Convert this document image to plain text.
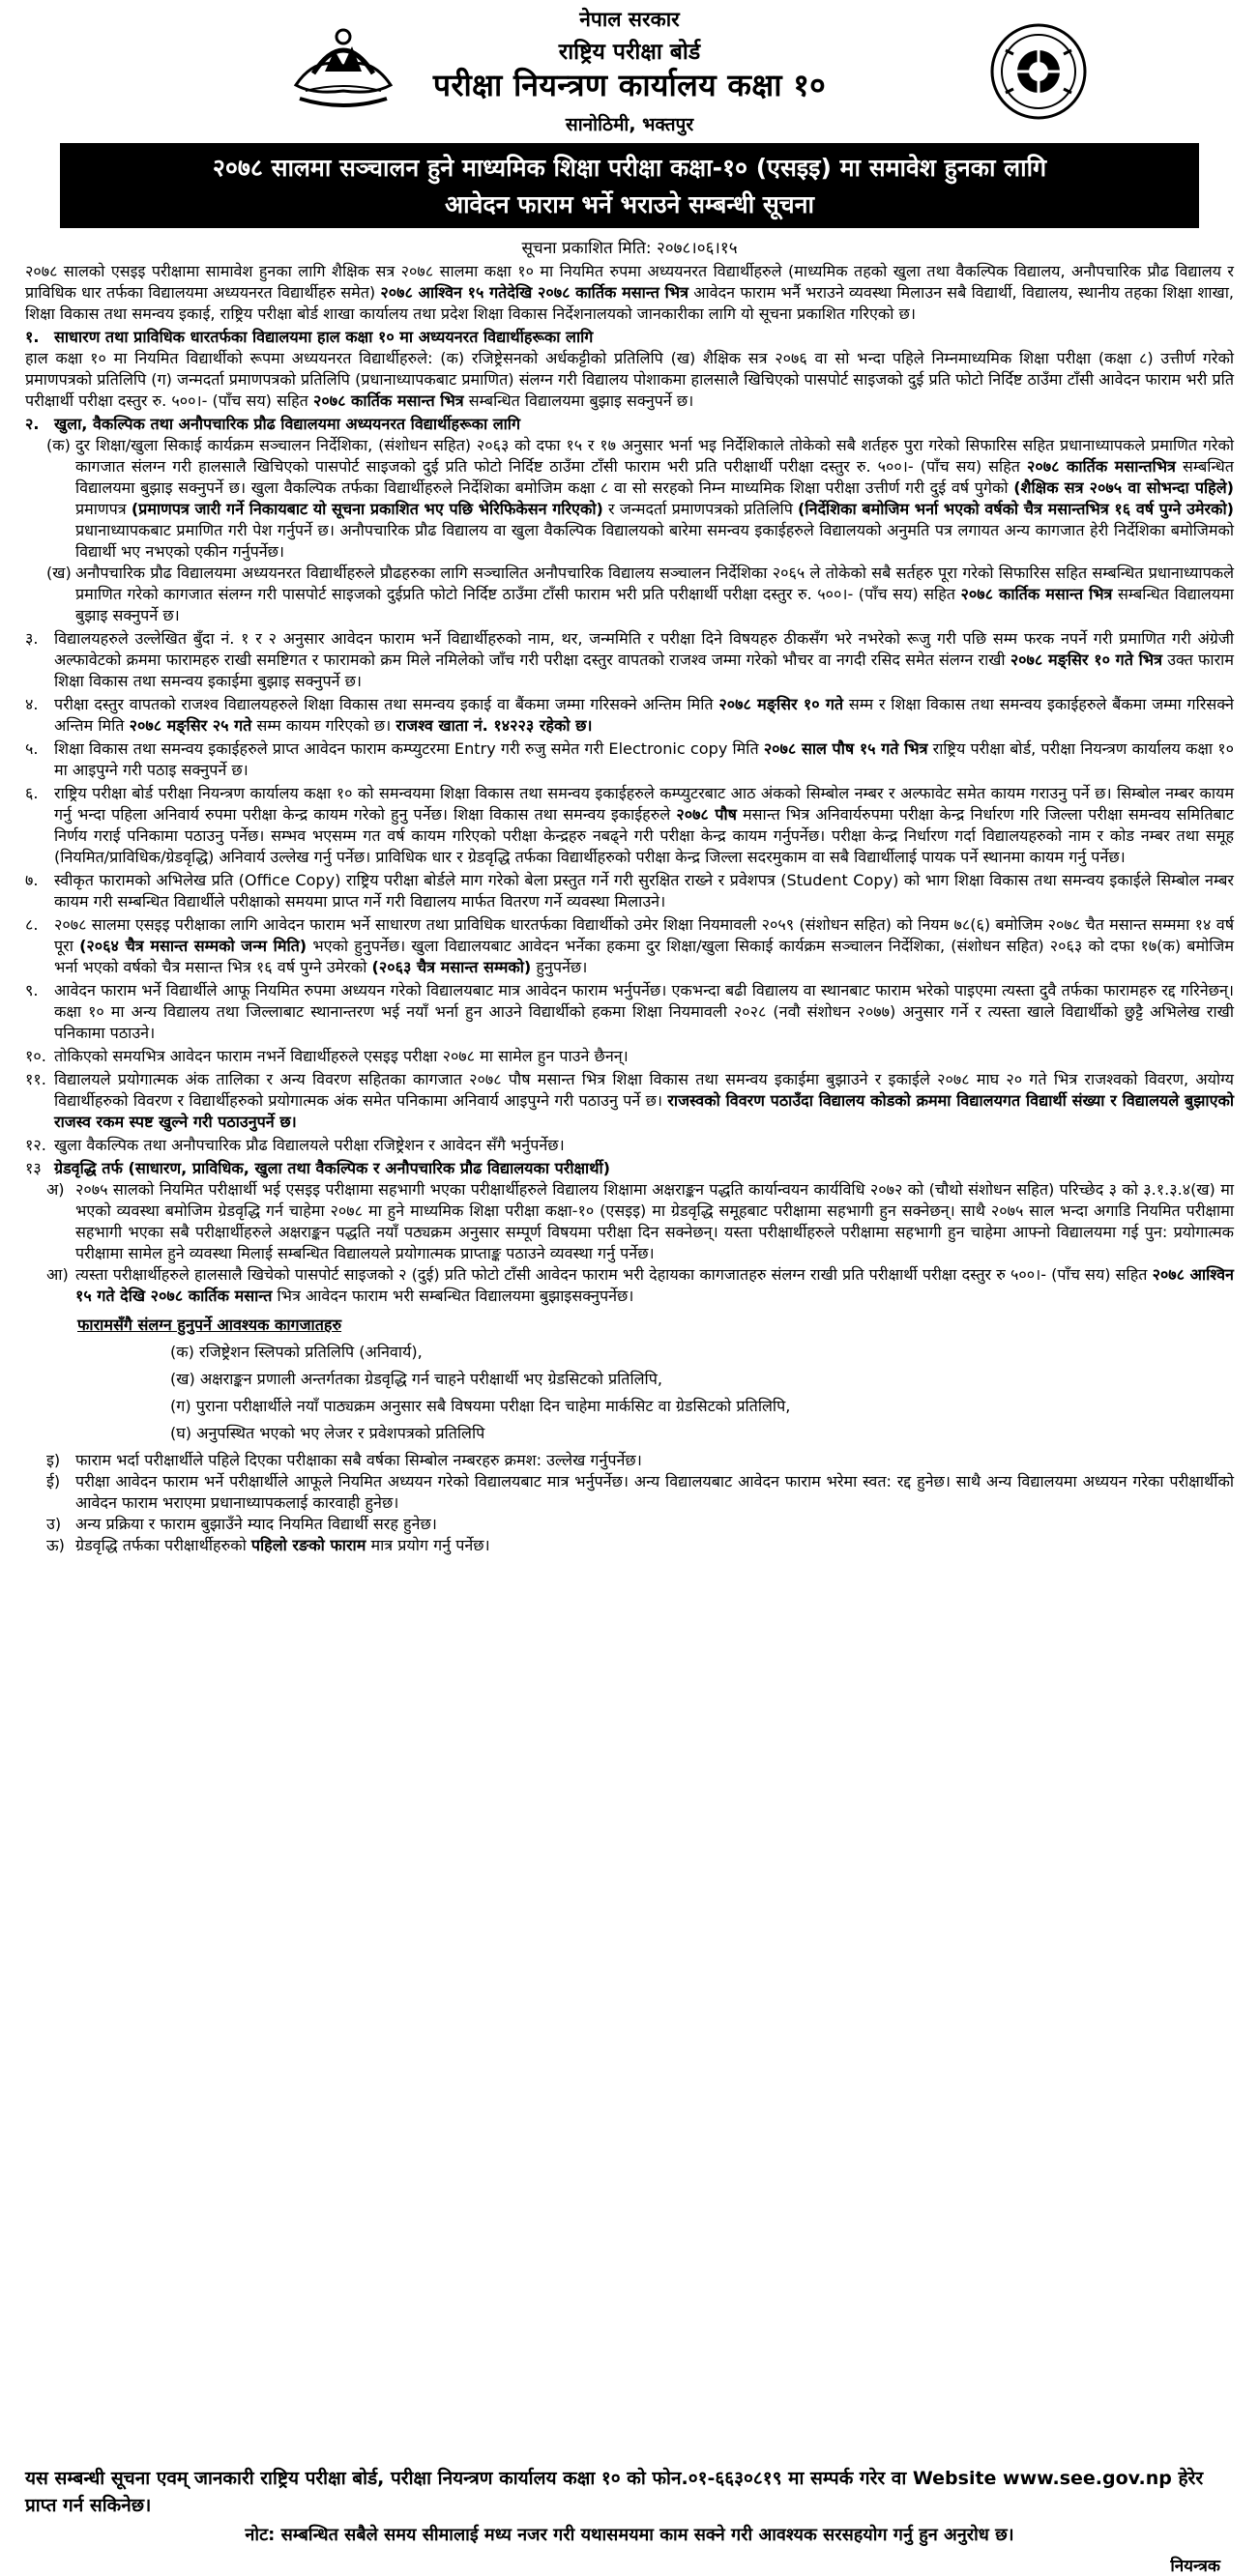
नेपाल सरकार
राष्ट्रिय परीक्षा बोर्ड
परीक्षा नियन्त्रण कार्यालय कक्षा १०
सानोठिमी, भक्तपुर
२०७८ सालमा सञ्चालन हुने माध्यमिक शिक्षा परीक्षा कक्षा-१० (एसइइ) मा समावेश हुनका लागि
आवेदन फाराम भर्ने भराउने सम्बन्धी सूचना
सूचना प्रकाशित मिति: २०७८।०६।१५

२०७८ सालको एसइइ परीक्षामा सामावेश हुनका लागि शैक्षिक सत्र २०७८ सालमा कक्षा १० मा नियमित रुपमा अध्ययनरत विद्यार्थीहरुले (माध्यमिक तहको खुला तथा वैकल्पिक विद्यालय, अनौपचारिक प्रौढ विद्यालय र प्राविधिक धार तर्फका विद्यालयमा अध्ययनरत विद्यार्थीहरु समेत) २०७८ आश्विन १५ गतेदेखि २०७८ कार्तिक मसान्त भित्र आवेदन फाराम भर्नै भराउने व्यवस्था मिलाउन सबै विद्यार्थी, विद्यालय, स्थानीय तहका शिक्षा शाखा, शिक्षा विकास तथा समन्वय इकाई, राष्ट्रिय परीक्षा बोर्ड शाखा कार्यालय तथा प्रदेश शिक्षा विकास निर्देशनालयको जानकारीका लागि यो सूचना प्रकाशित गरिएको छ।

१. साधारण तथा प्राविधिक धारतर्फका विद्यालयमा हाल कक्षा १० मा अध्ययनरत विद्यार्थीहरूका लागि

हाल कक्षा १० मा नियमित विद्यार्थीको रूपमा अध्ययनरत विद्यार्थीहरुले: (क) रजिष्ट्रेसनको अर्धकट्टीको प्रतिलिपि (ख) शैक्षिक सत्र २०७६ वा सो भन्दा पहिले निम्नमाध्यमिक शिक्षा परीक्षा (कक्षा ८) उत्तीर्ण गरेको प्रमाणपत्रको प्रतिलिपि (ग) जन्मदर्ता प्रमाणपत्रको प्रतिलिपि (प्रधानाध्यापकबाट प्रमाणित) संलग्न गरी विद्यालय पोशाकमा हालसालै खिचिएको पासपोर्ट साइजको दुई प्रति फोटो निर्दिष्ट ठाउँमा टाँसी आवेदन फाराम भरी प्रति परीक्षार्थी परीक्षा दस्तुर रु. ५००।- (पाँच सय) सहित २०७८ कार्तिक मसान्त भित्र सम्बन्धित विद्यालयमा बुझाइ सक्नुपर्ने छ।

२. खुला, वैकल्पिक तथा अनौपचारिक प्रौढ विद्यालयमा अध्ययनरत विद्यार्थीहरूका लागि
(क) दुर शिक्षा/खुला सिकाई कार्यक्रम सञ्चालन निर्देशिका, (संशोधन सहित) २०६३ को दफा १५ र १७ अनुसार भर्ना भइ निर्देशिकाले तोकेको सबै शर्तहरु पुरा गरेको सिफारिस सहित प्रधानाध्यापकले प्रमाणित गरेको कागजात संलग्न गरी हालसालै खिचिएको पासपोर्ट साइजको दुई प्रति फोटो निर्दिष्ट ठाउँमा टाँसी फाराम भरी प्रति परीक्षार्थी परीक्षा दस्तुर रु. ५००।- (पाँच सय) सहित २०७८ कार्तिक मसान्तभित्र सम्बन्धित विद्यालयमा बुझाइ सक्नुपर्ने छ। खुला वैकल्पिक तर्फका विद्यार्थीहरुले निर्देशिका बमोजिम कक्षा ८ वा सो सरहको निम्न माध्यमिक शिक्षा परीक्षा उत्तीर्ण गरी दुई वर्ष पुगेको (शैक्षिक सत्र २०७५ वा सोभन्दा पहिले) प्रमाणपत्र (प्रमाणपत्र जारी गर्ने निकायबाट यो सूचना प्रकाशित भए पछि भेरिफिकेसन गरिएको) र जन्मदर्ता प्रमाणपत्रको प्रतिलिपि (निर्देशिका बमोजिम भर्ना भएको वर्षको चैत्र मसान्तभित्र १६ वर्ष पुग्ने उमेरको) प्रधानाध्यापकबाट प्रमाणित गरी पेश गर्नुपर्ने छ। अनौपचारिक प्रौढ विद्यालय वा खुला वैकल्पिक विद्यालयको बारेमा समन्वय इकाईहरुले विद्यालयको अनुमति पत्र लगायत अन्य कागजात हेरी निर्देशिका बमोजिमको विद्यार्थी भए नभएको एकीन गर्नुपर्नेछ।
(ख) अनौपचारिक प्रौढ विद्यालयमा अध्ययनरत विद्यार्थीहरुले प्रौढहरुका लागि सञ्चालित अनौपचारिक विद्यालय सञ्चालन निर्देशिका २०६५ ले तोकेको सबै सर्तहरु पूरा गरेको सिफारिस सहित सम्बन्धित प्रधानाध्यापकले प्रमाणित गरेको कागजात संलग्न गरी पासपोर्ट साइजको दुईप्रति फोटो निर्दिष्ट ठाउँमा टाँसी फाराम भरी प्रति परीक्षार्थी परीक्षा दस्तुर रु. ५००।- (पाँच सय) सहित २०७८ कार्तिक मसान्त भित्र सम्बन्धित विद्यालयमा बुझाइ सक्नुपर्ने छ।
३.	विद्यालयहरुले उल्लेखित बुँदा नं. १ र २ अनुसार आवेदन फाराम भर्ने विद्यार्थीहरुको नाम, थर, जन्ममिति र परीक्षा दिने विषयहरु ठीकसँग भरे नभरेको रूजु गरी पछि सम्म फरक नपर्ने गरी प्रमाणित गरी अंग्रेजी अल्फावेटको क्रममा फारामहरु राखी समष्टिगत र फारामको क्रम मिले नमिलेको जाँच गरी परीक्षा दस्तुर वापतको राजश्व जम्मा गरेको भौचर वा नगदी रसिद समेत संलग्न राखी २०७८ मङ्सिर १० गते भित्र उक्त फाराम शिक्षा विकास तथा समन्वय इकाईमा बुझाइ सक्नुपर्ने छ।
४.	परीक्षा दस्तुर वापतको राजश्व विद्यालयहरुले शिक्षा विकास तथा समन्वय इकाई वा बैंकमा जम्मा गरिसक्ने अन्तिम मिति २०७८ मङ्सिर १० गते सम्म र शिक्षा विकास तथा समन्वय इकाईहरुले बैंकमा जम्मा गरिसक्ने अन्तिम मिति २०७८ मङ्सिर २५ गते सम्म कायम गरिएको छ। राजश्व खाता नं. १४२२३ रहेको छ।
५.	शिक्षा विकास तथा समन्वय इकाईहरुले प्राप्त आवेदन फाराम कम्प्युटरमा Entry गरी रुजु समेत गरी Electronic copy मिति २०७८ साल पौष १५ गते भित्र राष्ट्रिय परीक्षा बोर्ड, परीक्षा नियन्त्रण कार्यालय कक्षा १० मा आइपुग्ने गरी पठाइ सक्नुपर्ने छ।
६.	राष्ट्रिय परीक्षा बोर्ड परीक्षा नियन्त्रण कार्यालय कक्षा १० को समन्वयमा शिक्षा विकास तथा समन्वय इकाईहरुले कम्प्युटरबाट आठ अंकको सिम्बोल नम्बर र अल्फावेट समेत कायम गराउनु पर्ने छ। सिम्बोल नम्बर कायम गर्नु भन्दा पहिला अनिवार्य रुपमा परीक्षा केन्द्र कायम गरेको हुनु पर्नेछ। शिक्षा विकास तथा समन्वय इकाईहरुले २०७८ पौष मसान्त भित्र अनिवार्यरुपमा परीक्षा केन्द्र निर्धारण गरि जिल्ला परीक्षा समन्वय समितिबाट निर्णय गराई पनिकामा पठाउनु पर्नेछ। सम्भव भएसम्म गत वर्ष कायम गरिएको परीक्षा केन्द्रहरु नबढ्ने गरी परीक्षा केन्द्र कायम गर्नुपर्नेछ। परीक्षा केन्द्र निर्धारण गर्दा विद्यालयहरुको नाम र कोड नम्बर तथा समूह (नियमित/प्राविधिक/ग्रेडवृद्धि) अनिवार्य उल्लेख गर्नु पर्नेछ। प्राविधिक धार र ग्रेडवृद्धि तर्फका विद्यार्थीहरुको परीक्षा केन्द्र जिल्ला सदरमुकाम वा सबै विद्यार्थीलाई पायक पर्ने स्थानमा कायम गर्नु पर्नेछ।
७.	स्वीकृत फारामको अभिलेख प्रति (Office Copy) राष्ट्रिय परीक्षा बोर्डले माग गरेको बेला प्रस्तुत गर्ने गरी सुरक्षित राख्ने र प्रवेशपत्र (Student Copy) को भाग शिक्षा विकास तथा समन्वय इकाईले सिम्बोल नम्बर कायम गरी सम्बन्धित विद्यार्थीले परीक्षाको समयमा प्राप्त गर्ने गरी विद्यालय मार्फत वितरण गर्ने व्यवस्था मिलाउने।
८.	२०७८ सालमा एसइइ परीक्षाका लागि आवेदन फाराम भर्ने साधारण तथा प्राविधिक धारतर्फका विद्यार्थीको उमेर शिक्षा नियमावली २०५९ (संशोधन सहित) को नियम ७८(६) बमोजिम २०७८ चैत मसान्त सम्ममा १४ वर्ष पूरा (२०६४ चैत्र मसान्त सम्मको जन्म मिति) भएको हुनुपर्नेछ। खुला विद्यालयबाट आवेदन भर्नेका हकमा दुर शिक्षा/खुला सिकाई कार्यक्रम सञ्चालन निर्देशिका, (संशोधन सहित) २०६३ को दफा १७(क) बमोजिम भर्ना भएको वर्षको चैत्र मसान्त भित्र १६ वर्ष पुग्ने उमेरको (२०६३ चैत्र मसान्त सम्मको) हुनुपर्नेछ।
९.	आवेदन फाराम भर्ने विद्यार्थीले आफू नियमित रुपमा अध्ययन गरेको विद्यालयबाट मात्र आवेदन फाराम भर्नुपर्नेछ। एकभन्दा बढी विद्यालय वा स्थानबाट फाराम भरेको पाइएमा त्यस्ता दुवै तर्फका फारामहरु रद्द गरिनेछन्। कक्षा १० मा अन्य विद्यालय तथा जिल्लाबाट स्थानान्तरण भई नयाँ भर्ना हुन आउने विद्यार्थीको हकमा शिक्षा नियमावली २०२८ (नवौ संशोधन २०७७) अनुसार गर्ने र त्यस्ता खाले विद्यार्थीको छुट्टै अभिलेख राखी पनिकामा पठाउने।
१०. तोकिएको समयभित्र आवेदन फाराम नभर्ने विद्यार्थीहरुले एसइइ परीक्षा २०७८ मा सामेल हुन पाउने छैनन्।
११. विद्यालयले प्रयोगात्मक अंक तालिका र अन्य विवरण सहितका कागजात २०७८ पौष मसान्त भित्र शिक्षा विकास तथा समन्वय इकाईमा बुझाउने र इकाईले २०७८ माघ २० गते भित्र राजश्वको विवरण, अयोग्य विद्यार्थीहरुको विवरण र विद्यार्थीहरुको प्रयोगात्मक अंक समेत पनिकामा अनिवार्य आइपुग्ने गरी पठाउनु पर्ने छ। राजस्वको विवरण पठाउँदा विद्यालय कोडको क्रममा विद्यालयगत विद्यार्थी संख्या र विद्यालयले बुझाएको राजस्व रकम स्पष्ट खुल्ने गरी पठाउनुपर्ने छ।
१२. खुला वैकल्पिक तथा अनौपचारिक प्रौढ विद्यालयले परीक्षा रजिष्ट्रेशन र आवेदन सँगै भर्नुपर्नेछ।
१३ ग्रेडवृद्धि तर्फ (साधारण, प्राविधिक, खुला तथा वैकल्पिक र अनौपचारिक प्रौढ विद्यालयका परीक्षार्थी)
अ) २०७५ सालको नियमित परीक्षार्थी भई एसइइ परीक्षामा सहभागी भएका परीक्षार्थीहरुले विद्यालय शिक्षामा अक्षराङ्कन पद्धति कार्यान्वयन कार्यविधि २०७२ को (चौथो संशोधन सहित) परिच्छेद ३ को ३.१.३.४(ख) मा भएको व्यवस्था बमोजिम ग्रेडवृद्धि गर्न चाहेमा २०७८ मा हुने माध्यमिक शिक्षा परीक्षा कक्षा-१० (एसइइ) मा ग्रेडवृद्धि समूहबाट परीक्षामा सहभागी हुन सक्नेछन्। साथै २०७५ साल भन्दा अगाडि नियमित परीक्षामा सहभागी भएका सबै परीक्षार्थीहरुले अक्षराङ्कन पद्धति नयाँ पठ्यक्रम अनुसार सम्पूर्ण विषयमा परीक्षा दिन सक्नेछन्। यस्ता परीक्षार्थीहरुले परीक्षामा सहभागी हुन चाहेमा आफ्नो विद्यालयमा गई पुन: प्रयोगात्मक परीक्षामा सामेल हुने व्यवस्था मिलाई सम्बन्धित विद्यालयले प्रयोगात्मक प्राप्ताङ्क पठाउने व्यवस्था गर्नु पर्नेछ।
आ) त्यस्ता परीक्षार्थीहरुले हालसालै खिचेको पासपोर्ट साइजको २ (दुई) प्रति फोटो टाँसी आवेदन फाराम भरी देहायका कागजातहरु संलग्न राखी प्रति परीक्षार्थी परीक्षा दस्तुर रु ५००।- (पाँच सय) सहित २०७८ आश्विन १५ गते देखि २०७८ कार्तिक मसान्त भित्र आवेदन फाराम भरी सम्बन्धित विद्यालयमा बुझाइसक्नुपर्नेछ।
फारामसँगै संलग्न हुनुपर्ने आवश्यक कागजातहरु
(क) रजिष्ट्रेशन स्लिपको प्रतिलिपि (अनिवार्य),
(ख) अक्षराङ्कन प्रणाली अन्तर्गतका ग्रेडवृद्धि गर्न चाहने परीक्षार्थी भए ग्रेडसिटको प्रतिलिपि,
(ग) पुराना परीक्षार्थीले नयाँ पाठ्यक्रम अनुसार सबै विषयमा परीक्षा दिन चाहेमा मार्कसिट वा ग्रेडसिटको प्रतिलिपि,
(घ) अनुपस्थित भएको भए लेजर र प्रवेशपत्रको प्रतिलिपि
इ) फाराम भर्दा परीक्षार्थीले पहिले दिएका परीक्षाका सबै वर्षका सिम्बोल नम्बरहरु क्रमश: उल्लेख गर्नुपर्नेछ।
ई) परीक्षा आवेदन फाराम भर्ने परीक्षार्थीले आफूले नियमित अध्ययन गरेको विद्यालयबाट मात्र भर्नुपर्नेछ। अन्य विद्यालयबाट आवेदन फाराम भरेमा स्वत: रद्द हुनेछ। साथै अन्य विद्यालयमा अध्ययन गरेका परीक्षार्थीको आवेदन फाराम भराएमा प्रधानाध्यापकलाई कारवाही हुनेछ।
उ) अन्य प्रक्रिया र फाराम बुझाउँने म्याद नियमित विद्यार्थी सरह हुनेछ।
ऊ) ग्रेडवृद्धि तर्फका परीक्षार्थीहरुको पहिलो रङको फाराम मात्र प्रयोग गर्नु पर्नेछ।
यस सम्बन्धी सूचना एवम् जानकारी राष्ट्रिय परीक्षा बोर्ड, परीक्षा नियन्त्रण कार्यालय कक्षा १० को फोन.०१-६६३०८१९ मा सम्पर्क गरेर वा Website www.see.gov.np हेरेर प्राप्त गर्न सकिनेछ।
नोट: सम्बन्धित सबैले समय सीमालाई मध्य नजर गरी यथासमयमा काम सक्ने गरी आवश्यक सरसहयोग गर्नु हुन अनुरोध छ।
नियन्त्रक
